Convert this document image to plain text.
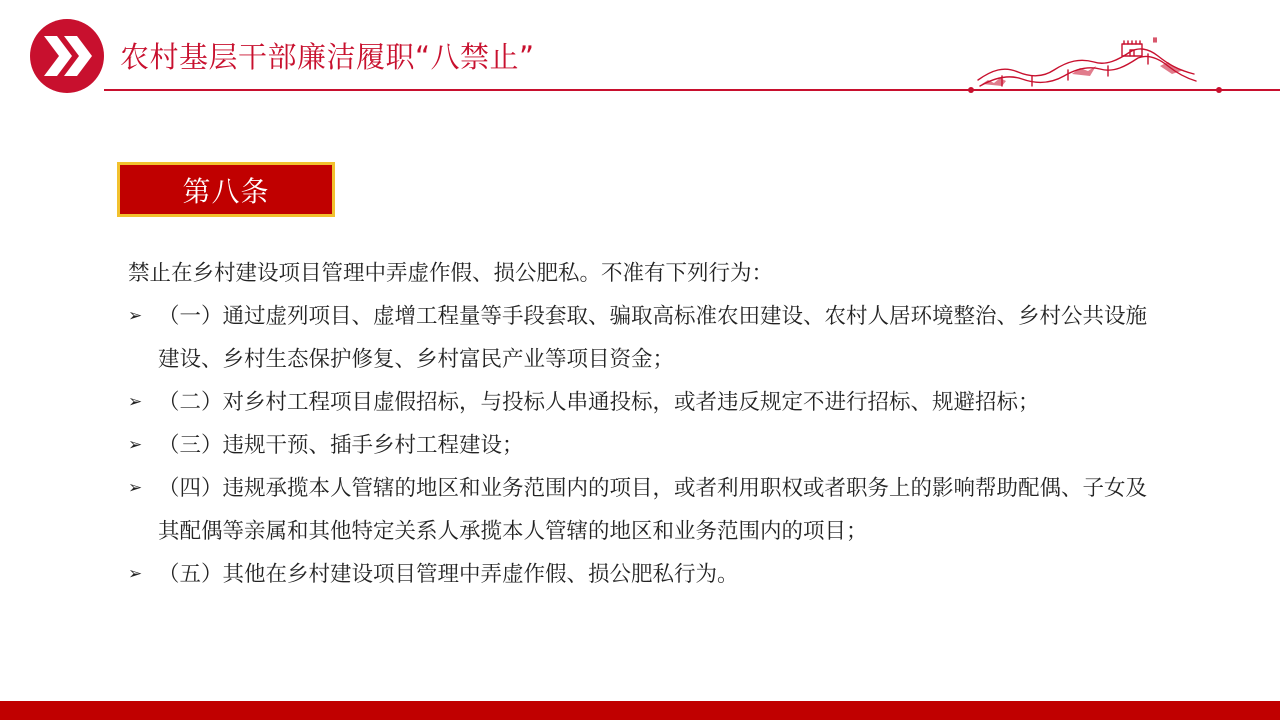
农村基层干部廉洁履职“八禁止”
第八条

禁止在乡村建设项目管理中弄虚作假、损公肥私。不准有下列行为：

➢ （一）通过虚列项目、虚增工程量等手段套取、骗取高标准农田建设、农村人居环境整治、乡村公共设施建设、乡村生态保护修复、乡村富民产业等项目资金；
➢ （二）对乡村工程项目虚假招标，与投标人串通投标，或者违反规定不进行招标、规避招标；
➢ （三）违规干预、插手乡村工程建设；
➢ （四）违规承揽本人管辖的地区和业务范围内的项目，或者利用职权或者职务上的影响帮助配偶、子女及其配偶等亲属和其他特定关系人承揽本人管辖的地区和业务范围内的项目；
➢ （五）其他在乡村建设项目管理中弄虚作假、损公肥私行为。
